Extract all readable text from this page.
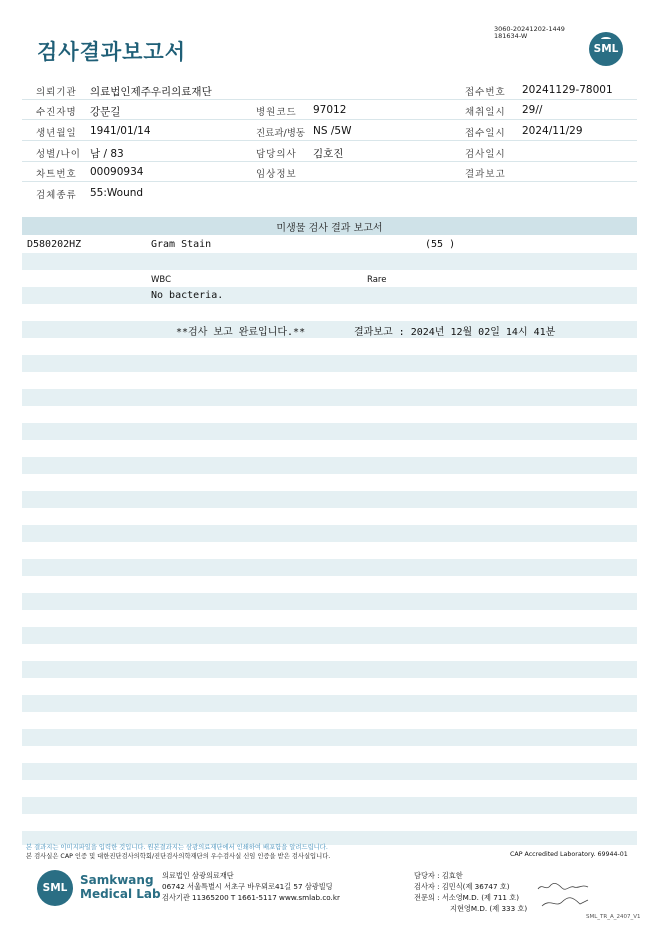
검사결과보고서
3060-20241202-1449
181634-W
SML
의뢰기관 의료법인제주우리의료재단	접수번호 20241129-78001
수진자명 강문길	병원코드 97012	채취일시 29//
생년월일 1941/01/14	진료과/병동 NS /5W	접수일시 2024/11/29
성별/나이 남 / 83	담당의사 김호진	검사일시
차트번호 00090934	임상정보	결과보고
검체종류 55:Wound
미생물 검사 결과 보고서
D580202HZ	Gram Stain	(55 )
WBC	Rare
No bacteria.
**검사 보고 완료입니다.**	결과보고 : 2024년 12월 02일 14시 41분
본 결과지는 이미지파일을 입력한 것입니다. 원본결과지는 삼광의료재단에서 인쇄하여 배포함을 알려드립니다.
본 검사실은 CAP 인증 및 대한진단검사의학회/진단검사의학재단의 우수검사실 신임 인증을 받은 검사실입니다.	CAP Accredited Laboratory. 69944-01
SML
Samkwang
Medical Lab
의료법인 삼광의료재단
06742 서울특별시 서초구 바우뫼로41길 57 삼광빌딩
검사기관 11365200 T 1661-5117 www.smlab.co.kr
담당자 : 김효한
검사자 : 김민식(제 36747 호)
전문의 : 서소영M.D. (제 711 호)
지현영M.D. (제 333 호)
SML_TR_A_2407_V1
